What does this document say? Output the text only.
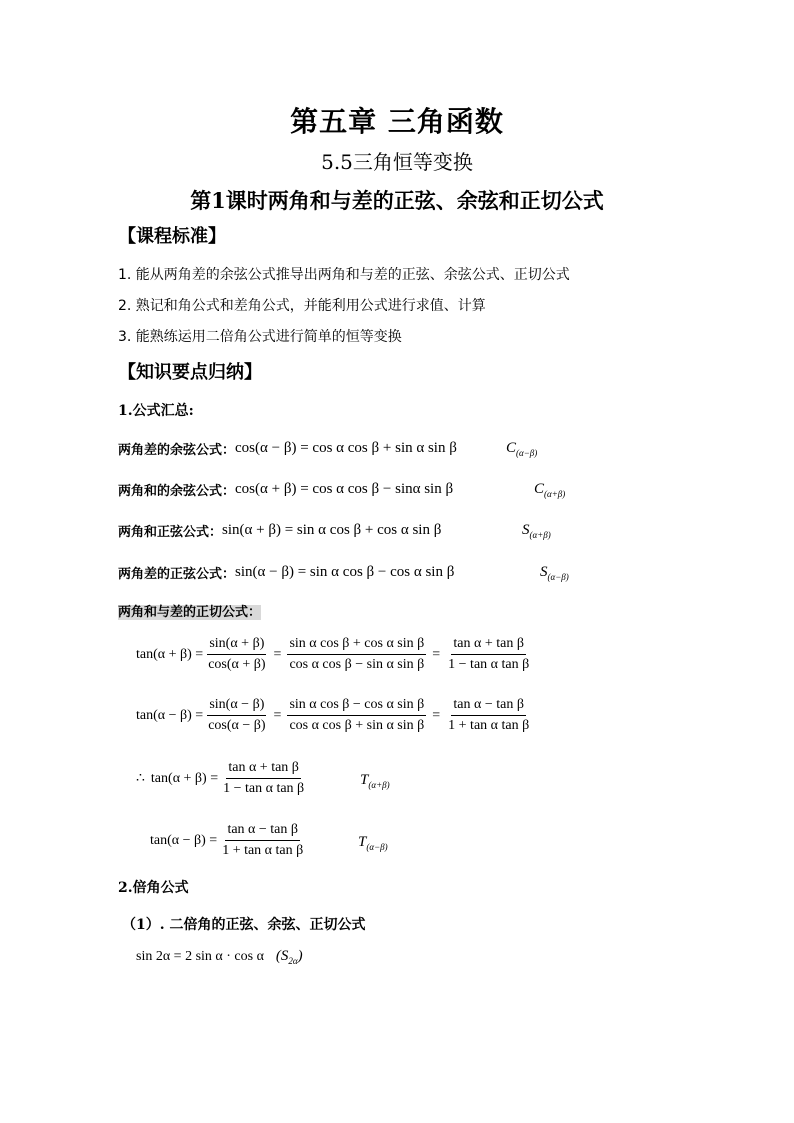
第五章 三角函数
5.5三角恒等变换
第1课时两角和与差的正弦、余弦和正切公式
【课程标准】
1. 能从两角差的余弦公式推导出两角和与差的正弦、余弦公式、正切公式
2. 熟记和角公式和差角公式，并能利用公式进行求值、计算
3. 能熟练运用二倍角公式进行简单的恒等变换
【知识要点归纳】
1.公式汇总:
两角差的余弦公式： cos(α − β) = cos α cos β + sin α sin β	$C_{(\alpha-\beta)}$
两角和的余弦公式： cos(α + β) = cos α cos β − sinα sin β	$C_{(\alpha+\beta)}$
两角和正弦公式： sin(α + β) = sin α cos β + cos α sin β	$S_{(\alpha+\beta)}$
两角差的正弦公式： sin(α − β) = sin α cos β − cos α sin β	$S_{(\alpha-\beta)}$
两角和与差的正切公式：
$\tan(\alpha + \beta) = \frac{\sin(\alpha + \beta)}{\cos(\alpha + \beta)} = \frac{\text{sin α cos β + cos α sin β}}{\text{cos α cos β − sin α sin β}} = \frac{\text{tan α + tan β}}{\text{1 − tan α tan β}}$
$\tan(\alpha - \beta) = \frac{\sin(\alpha - \beta)}{\cos(\alpha - \beta)} = \frac{\text{sin α cos β − cos α sin β}}{\text{cos α cos β + sin α sin β}} = \frac{\text{tan α − tan β}}{\text{1 + tan α tan β}}$
∴ $\tan(\alpha + \beta) = \frac{\text{tan α + tan β}}{\text{1 − tan α tan β}}$	$T_{(\alpha+\beta)}$
$\tan(\alpha - \beta) = \frac{\text{tan α − tan β}}{\text{1 + tan α tan β}}$	$T_{(\alpha-\beta)}$
2.倍角公式
（1）. 二倍角的正弦、余弦、正切公式
sin 2α = 2 sin α · cos α $(S_{2\alpha})$
